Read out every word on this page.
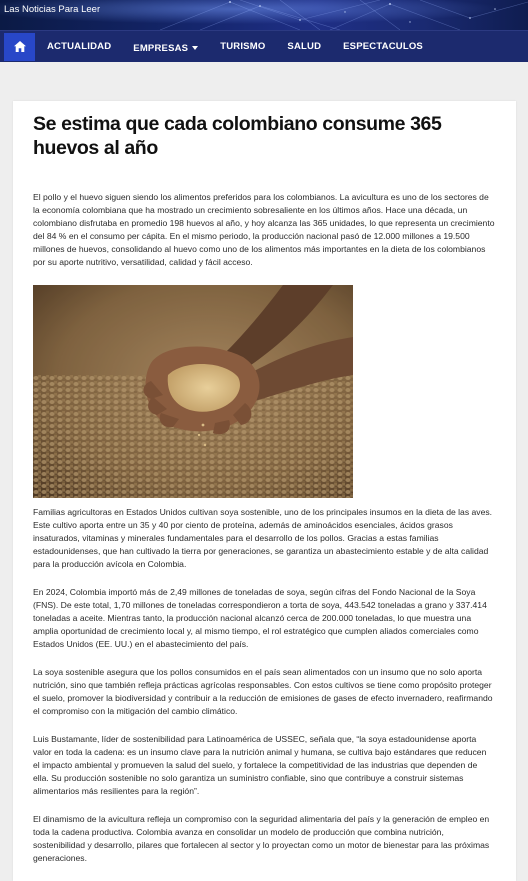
Las Noticias Para Leer
ACTUALIDAD EMPRESAS	TURISMO SALUD ESPECTACULOS
Se estima que cada colombiano consume 365 huevos al año

El pollo y el huevo siguen siendo los alimentos preferidos para los colombianos. La avicultura es uno de los sectores de la economía colombiana que ha mostrado un crecimiento sobresaliente en los últimos años. Hace una década, un colombiano disfrutaba en promedio 198 huevos al año, y hoy alcanza las 365 unidades, lo que representa un crecimiento del 84 % en el consumo per cápita. En el mismo periodo, la producción nacional pasó de 12.000 millones a 19.500 millones de huevos, consolidando al huevo como uno de los alimentos más importantes en la dieta de los colombianos por su aporte nutritivo, versatilidad, calidad y fácil acceso.

Familias agricultoras en Estados Unidos cultivan soya sostenible, uno de los principales insumos en la dieta de las aves. Este cultivo aporta entre un 35 y 40 por ciento de proteína, además de aminoácidos esenciales, ácidos grasos insaturados, vitaminas y minerales fundamentales para el desarrollo de los pollos. Gracias a estas familias estadounidenses, que han cultivado la tierra por generaciones, se garantiza un abastecimiento estable y de alta calidad para la producción avícola en Colombia.

En 2024, Colombia importó más de 2,49 millones de toneladas de soya, según cifras del Fondo Nacional de la Soya (FNS). De este total, 1,70 millones de toneladas correspondieron a torta de soya, 443.542 toneladas a grano y 337.414 toneladas a aceite. Mientras tanto, la producción nacional alcanzó cerca de 200.000 toneladas, lo que muestra una amplia oportunidad de crecimiento local y, al mismo tiempo, el rol estratégico que cumplen aliados comerciales como Estados Unidos (EE. UU.) en el abastecimiento del país.

La soya sostenible asegura que los pollos consumidos en el país sean alimentados con un insumo que no solo aporta nutrición, sino que también refleja prácticas agrícolas responsables. Con estos cultivos se tiene como propósito proteger el suelo, promover la biodiversidad y contribuir a la reducción de emisiones de gases de efecto invernadero, reafirmando el compromiso con la mitigación del cambio climático.

Luis Bustamante, líder de sostenibilidad para Latinoamérica de USSEC, señala que, “la soya estadounidense aporta valor en toda la cadena: es un insumo clave para la nutrición animal y humana, se cultiva bajo estándares que reducen el impacto ambiental y promueven la salud del suelo, y fortalece la competitividad de las industrias que dependen de ella. Su producción sostenible no solo garantiza un suministro confiable, sino que contribuye a construir sistemas alimentarios más resilientes para la región”.

El dinamismo de la avicultura refleja un compromiso con la seguridad alimentaria del país y la generación de empleo en toda la cadena productiva. Colombia avanza en consolidar un modelo de producción que combina nutrición, sostenibilidad y desarrollo, pilares que fortalecen al sector y lo proyectan como un motor de bienestar para las próximas generaciones.
